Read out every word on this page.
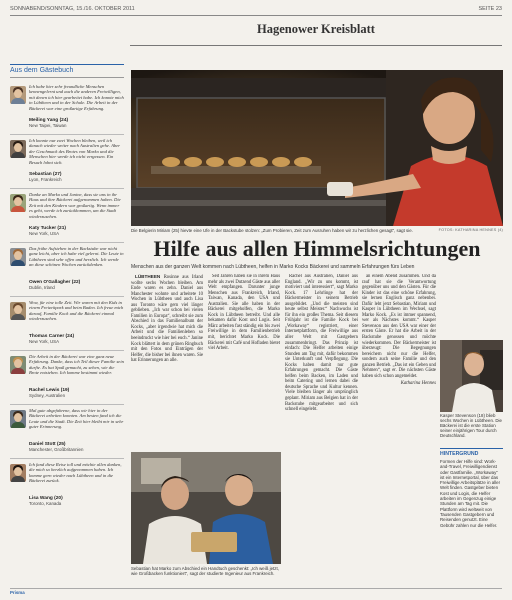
SONNABEND/SONNTAG, 15./16. OKTOBER 2011	SEITE 23
Hagenower Kreisblatt
Aus dem Gästebuch
Ich habe hier sehr freundliche Menschen kennengelernt und auch die anderen Freiwilligen, mit denen ich hier gearbeitet habe. Ich konnte mich in Lübtheen und in der Schule. Die Arbeit in der Bäckerei war eine großartige Erfahrung.
Meiling Yang (24)
New Taipei, Taiwan
Ich konnte nur zwei Wochen bleiben, weil ich danach wieder weiter nach Australien gehe. Aber der Geschmack des Brotes von Marko und die Menschen hier werde ich nicht vergessen. Ein Besuch lohnt sich.
Sebastian (27)
Lyon, Frankreich
Danke an Marko und Janine, dass sie uns in ihr Haus und ihre Bäckerei aufgenommen haben. Die Zeit mit den Kindern war großartig. Wenn immer es geht, werde ich zurückkommen, um die Stadt wiederzusehen.
Katy Tucker (21)
New York, USA
Das frühe Aufstehen in der Backstube war nicht ganz leicht, aber ich habe viel gelernt. Die Leute in Lübtheen sind sehr offen und herzlich. Ich werde an diese schönen Wochen zurückdenken.
Owen O'Gallagher (22)
Dublin, Irland
Wow, für eine tolle Zeit. Wir waren mit den Kids in einem Freizeitpark und beim Baden. Ich freue mich darauf, Familie Kock und die Bäckerei einmal wiederzusehen.
Thomas Carner (24)
New York, USA
Die Arbeit in der Bäckerei war eine ganz neue Erfahrung. Danke, dass ich Teil dieser Familie sein durfte. Es hat Spaß gemacht, zu sehen, wie die Brote entstehen. Ich komme bestimmt wieder.
Rachel Lewis (19)
Sydney, Australien
Mal gute abgefahrene, dass wir hier in der Bäckerei arbeiten konnten. Am besten fand ich die Leute und die Stadt. Die Zeit hier bleibt mir in sehr guter Erinnerung.
Daniel Stott (25)
Manchester, Großbritannien
Ich fand diese Reise toll und möchte allen danken, die mich so herzlich aufgenommen haben. Ich komme gern wieder nach Lübtheen und in die Bäckerei zurück.
Lisa Wang (20)
Toronto, Kanada
Die Belgierin Miriam (25) hievte eine Ufe in der Backstube stolzen: „Zum Probieren, Zeit zum Ausruhen haben wir zu herzlichen gesagt“, sagt sie.	FOTOS: KATHARINA HENNES (4)
Hilfe aus allen Himmelsrichtungen
Menschen aus der ganzen Welt kommen nach Lübtheen, helfen in Marko Kocks Bäckerei und sammeln Erfahrungen fürs Leben

LÜBTHEEN Rosinne aus Irland wollte sechs Wochen bleiben. Am Ende waren es zehn. Daniel aus Manchester wohnte und arbeitete 10 Wochen in Lübtheen und auch Lisa aus Toronto wäre gern viel länger geblieben. „Ich war schon bei vielen Familien in Europa“, schreibt sie zum Abschied in das Familienalbum der Kocks, „aber irgendwie hat mich die Arbeit und die Familienleben so beeindruckt wie hier bei euch.“ Janine Kock blättert in dem grünen Ringbuch mit den Fotos und Einträgen der Helfer, die bisher bei ihnen waren. Sie hat Erinnerungen an alle.

Seit Jahren haben sie in ihrem Haus mehr als zwei Dutzend Gäste aus aller Welt empfangen. Darunter junge Menschen aus Frankreich, Irland, Taiwan, Kanada, den USA und Australien. Sie alle haben in der Bäckerei mitgeholfen, die Marko Kock in Lübtheen betreibt. Und alle bekamen dafür Kost und Logis. Seit März arbeiten fast ständig ein bis zwei Freiwillige in dem Familienbetrieb mit, berichtet Marko Kock. Die Bäckerei mit Café und Hofladen bietet viel Arbeit.

Rachel aus Australien, Daniel aus England. „Wir zu uns kommt, ist motiviert und interessiert“, sagt Marko Kock. 17 Lehrlinge hat der Bäckermeister in seinem Betrieb ausgebildet. „Und die meisten sind heute selbst Meister.“ Nachwuchs ist für ihn ein großes Thema. Seit diesem Frühjahr ist die Familie Kock bei „Workaway“ registriert, einer Internetplattform, die Freiwillige aus aller Welt mit Gastgebern zusammenbringt. Das Prinzip ist einfach: Die Helfer arbeiten einige Stunden am Tag mit, dafür bekommen sie Unterkunft und Verpflegung. Die Kocks haben damit nur gute Erfahrungen gemacht. Die Gäste helfen beim Backen, im Laden und beim Catering und lernen dabei die deutsche Sprache und Kultur kennen. Viele bleiben länger als ursprünglich geplant. Miriam aus Belgien hat in der Backstube mitgearbeitet und sich schnell eingelebt.

an einem Abend zusammen. Und da rauf hat sie die Verantwortung gegenüber uns und den Gästen. Für die Kinder ist das eine schöne Erfahrung, sie lernen Englisch ganz nebenbei. Dafür lebt jetzt Sebastian, Miriam und Kasper in Lübtheen im Wechsel, sagt Marko Kock. „Es ist immer spannend, wer als Nächstes kommt.“ Kasper Stevenson aus den USA war einer der ersten Gäste. Er hat die Arbeit in der Backstube genossen und möchte wiederkommen. Der Bäckermeister ist überzeugt: Die Begegnungen bereichern nicht nur die Helfer, sondern auch seine Familie und den ganzen Betrieb. „Das ist ein Geben und Nehmen“, sagt er. Die nächsten Gäste haben sich schon angemeldet.

Katharina Hennes
Sebastian hat Marko zum Abschied ein Handtuch geschenkt: „Ich weiß jetzt, wie Großbacken funktioniert“, sagt der studierte Ingenieur aus Frankreich.
Kasper Stevenson (18) blieb sechs Wochen in Lübtheen. Die Bäckerei ist die erste Station seiner einjährigen Tour durch Deutschland.
HINTERGRUND
Formen der Hilfe sind: Work-and-Travel, Freiwilligendienst oder Gastfamilie. „Workaway“ ist ein Internetportal, über das Freiwillige Arbeitsplätze in aller Welt finden. Gastgeber bieten Kost und Logis, die Helfer arbeiten im Gegenzug einige Stunden am Tag mit. Die Plattform wird weltweit von Tausenden Gastgebern und Reisenden genutzt. Eine Gebühr zahlen nur die Helfer.
Prisma
